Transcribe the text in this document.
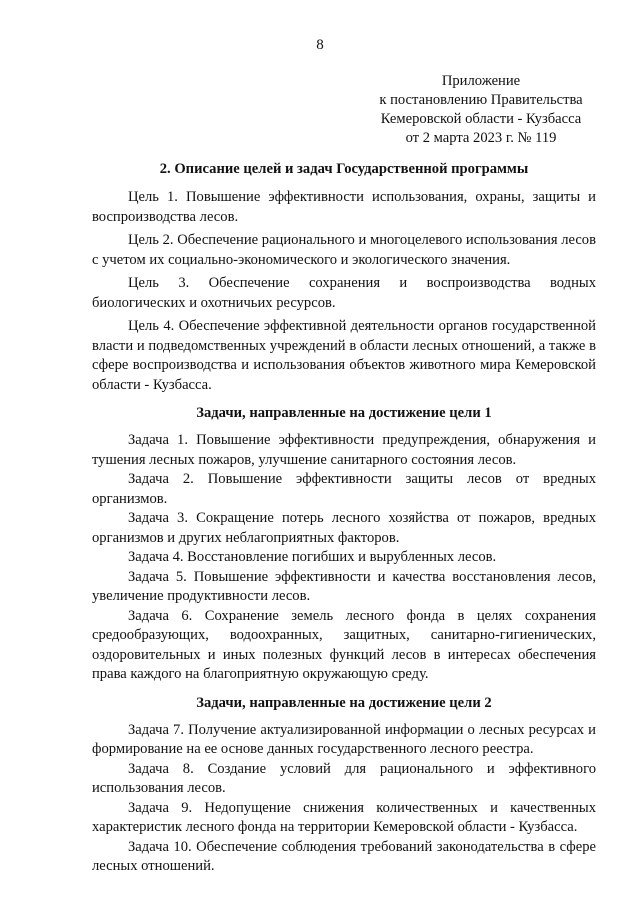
8
Приложение
к постановлению Правительства
Кемеровской области - Кузбасса
от 2 марта 2023 г. № 119
2. Описание целей и задач Государственной программы

Цель 1. Повышение эффективности использования, охраны, защиты и воспроизводства лесов.

Цель 2. Обеспечение рационального и многоцелевого использования лесов с учетом их социально-экономического и экологического значения.

Цель 3. Обеспечение сохранения и воспроизводства водных биологических и охотничьих ресурсов.

Цель 4. Обеспечение эффективной деятельности органов государственной власти и подведомственных учреждений в области лесных отношений, а также в сфере воспроизводства и использования объектов животного мира Кемеровской области - Кузбасса.

Задачи, направленные на достижение цели 1

Задача 1. Повышение эффективности предупреждения, обнаружения и тушения лесных пожаров, улучшение санитарного состояния лесов.

Задача 2. Повышение эффективности защиты лесов от вредных организмов.

Задача 3. Сокращение потерь лесного хозяйства от пожаров, вредных организмов и других неблагоприятных факторов.

Задача 4. Восстановление погибших и вырубленных лесов.

Задача 5. Повышение эффективности и качества восстановления лесов, увеличение продуктивности лесов.

Задача 6. Сохранение земель лесного фонда в целях сохранения средообразующих, водоохранных, защитных, санитарно-гигиенических, оздоровительных и иных полезных функций лесов в интересах обеспечения права каждого на благоприятную окружающую среду.

Задачи, направленные на достижение цели 2

Задача 7. Получение актуализированной информации о лесных ресурсах и формирование на ее основе данных государственного лесного реестра.

Задача 8. Создание условий для рационального и эффективного использования лесов.

Задача 9. Недопущение снижения количественных и качественных характеристик лесного фонда на территории Кемеровской области - Кузбасса.

Задача 10. Обеспечение соблюдения требований законодательства в сфере лесных отношений.
